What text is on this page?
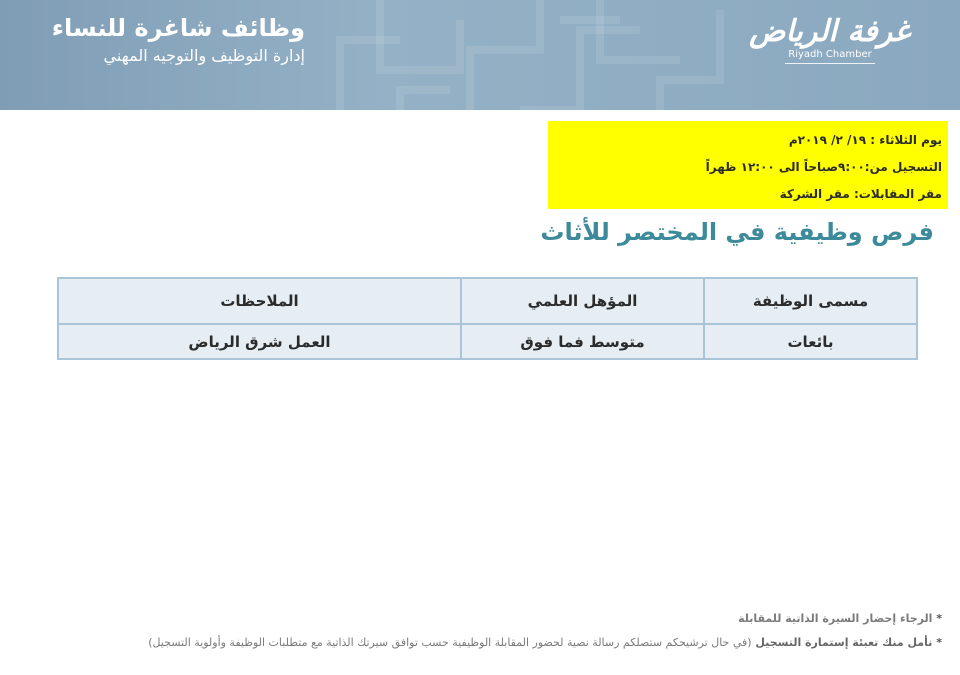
وظائف شاغرة للنساء
إدارة التوظيف والتوجيه المهني
غرفة الرياض
Riyadh Chamber
يوم الثلاثاء : ١٩/ ٢/ ٢٠١٩م
التسجيل من:٩:٠٠صباحاً الى ١٢:٠٠ ظهراً
مقر المقابلات: مقر الشركة
فرص وظيفية في المختصر للأثاث
مسمى الوظيفة	المؤهل العلمي	الملاحظات
بائعات	متوسط فما فوق	العمل شرق الرياض
* الرجاء إحضار السيرة الذاتية للمقابلة
* نأمل منك تعبئة إستمارة التسجيل (في حال ترشيحكم ستصلكم رسالة نصية لحضور المقابلة الوظيفية حسب توافق سيرتك الذاتية مع متطلبات الوظيفة وأولوية التسجيل)
